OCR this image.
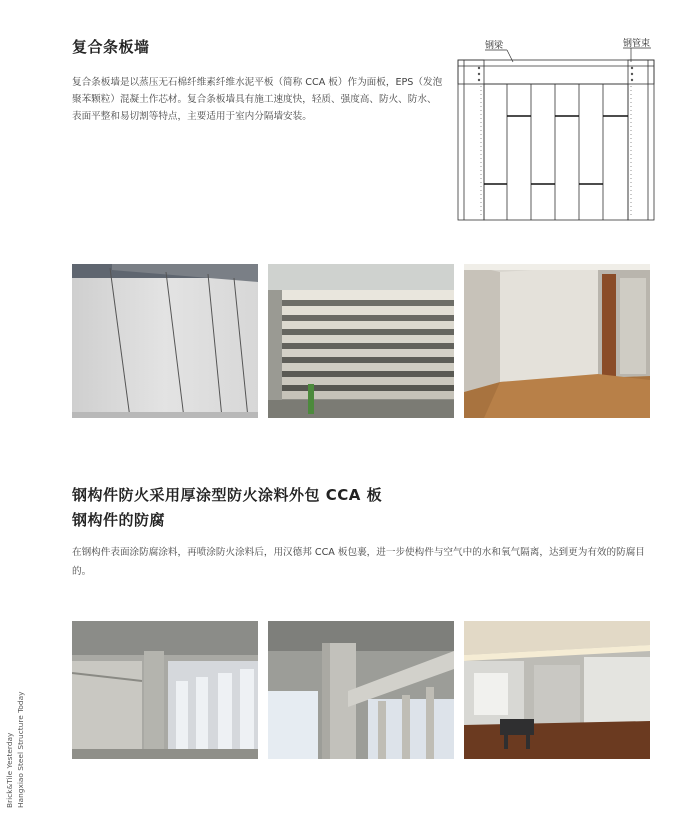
复合条板墙
复合条板墙是以蒸压无石棉纤维素纤维水泥平板（简称 CCA 板）作为面板，EPS（发泡聚苯颗粒）混凝土作芯材。复合条板墙具有施工速度快，轻质、强度高、防火、防水、表面平整和易切割等特点，主要适用于室内分隔墙安装。
钢梁	钢管束
钢构件防火采用厚涂型防火涂料外包 CCA 板
钢构件的防腐
在钢构件表面涂防腐涂料，再喷涂防火涂料后，用汉德邦 CCA 板包裹，进一步使构件与空气中的水和氧气隔离，达到更为有效的防腐目的。
Brick&Tile Yesterday Hangxiao Steel Structure Today
